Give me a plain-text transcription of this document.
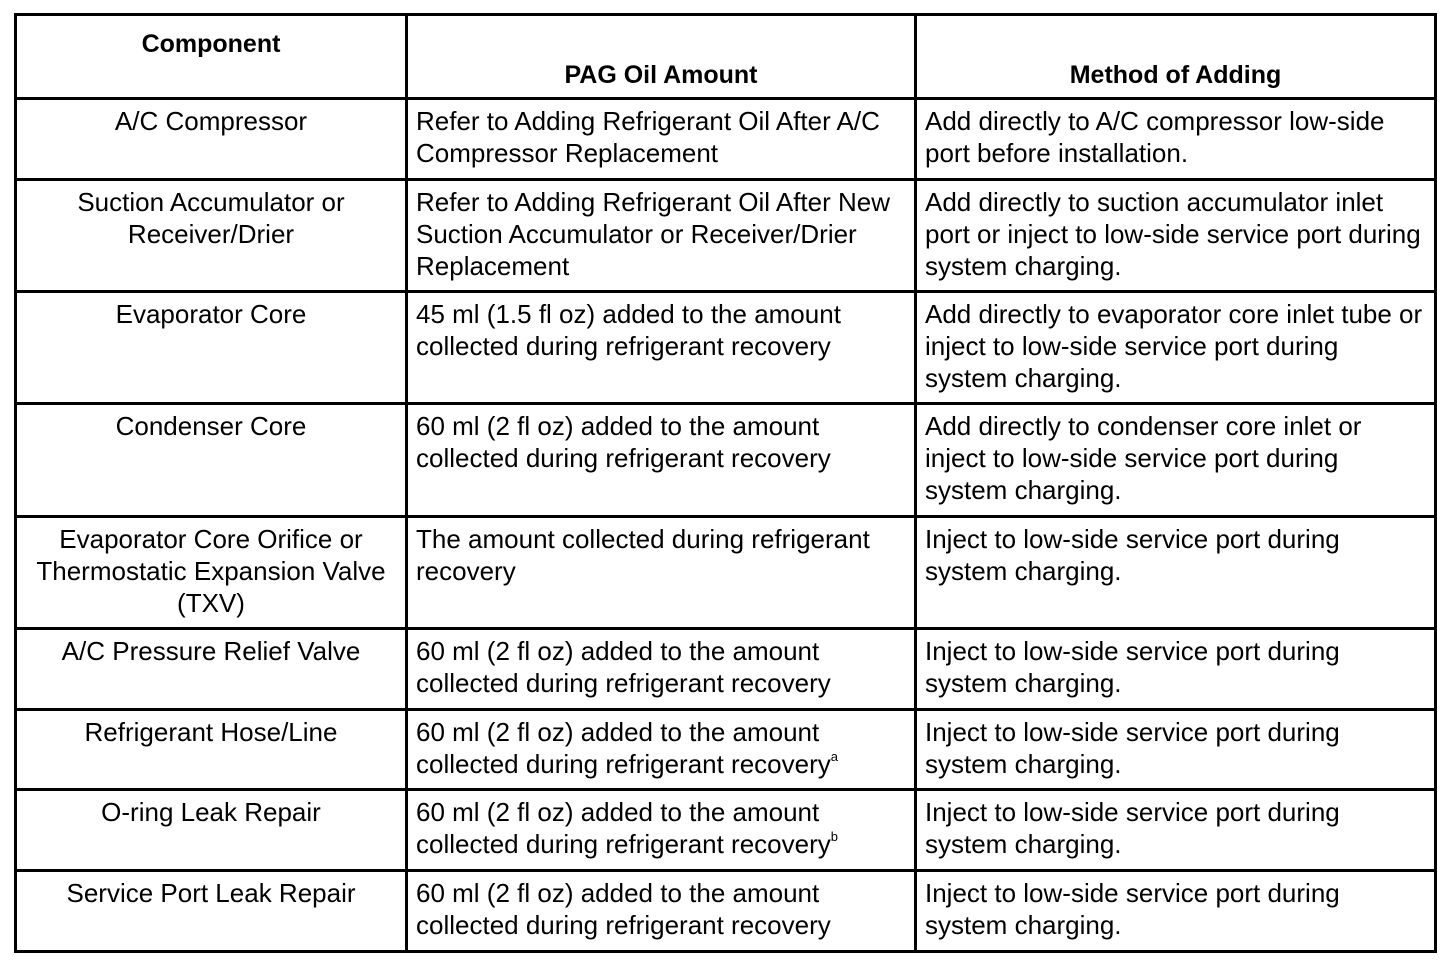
Component	PAG Oil Amount	Method of Adding

A/C Compressor	Refer to Adding Refrigerant Oil After A/C Compressor Replacement	Add directly to A/C compressor low-side port before installation.
Suction Accumulator or Receiver/Drier	Refer to Adding Refrigerant Oil After New Suction Accumulator or Receiver/Drier Replacement	Add directly to suction accumulator inlet port or inject to low-side service port during system charging.
Evaporator Core	45 ml (1.5 fl oz) added to the amount collected during refrigerant recovery	Add directly to evaporator core inlet tube or inject to low-side service port during system charging.
Condenser Core	60 ml (2 fl oz) added to the amount collected during refrigerant recovery	Add directly to condenser core inlet or inject to low-side service port during system charging.
Evaporator Core Orifice or Thermostatic Expansion Valve (TXV)	The amount collected during refrigerant recovery	Inject to low-side service port during system charging.
A/C Pressure Relief Valve	60 ml (2 fl oz) added to the amount collected during refrigerant recovery	Inject to low-side service port during system charging.
Refrigerant Hose/Line	60 ml (2 fl oz) added to the amount collected during refrigerant recovery$^a$	Inject to low-side service port during system charging.
O-ring Leak Repair	60 ml (2 fl oz) added to the amount collected during refrigerant recovery$^b$	Inject to low-side service port during system charging.
Service Port Leak Repair	60 ml (2 fl oz) added to the amount collected during refrigerant recovery	Inject to low-side service port during system charging.
